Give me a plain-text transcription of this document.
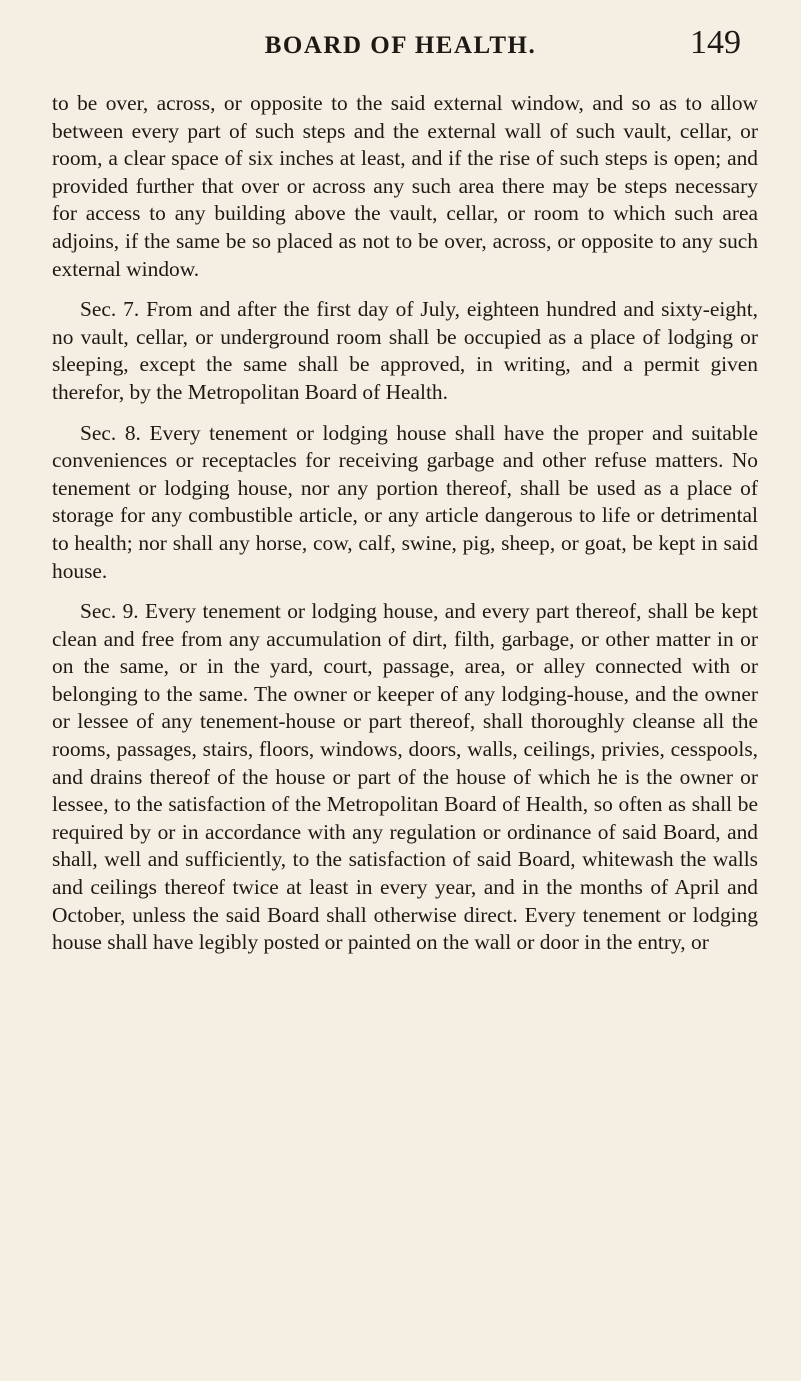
BOARD OF HEALTH.	149

to be over, across, or opposite to the said external window, and so as to allow between every part of such steps and the external wall of such vault, cellar, or room, a clear space of six inches at least, and if the rise of such steps is open; and provided further that over or across any such area there may be steps necessary for access to any building above the vault, cellar, or room to which such area adjoins, if the same be so placed as not to be over, across, or opposite to any such external window.

Sec. 7. From and after the first day of July, eighteen hundred and sixty-eight, no vault, cellar, or underground room shall be occupied as a place of lodging or sleeping, except the same shall be approved, in writing, and a permit given therefor, by the Metropolitan Board of Health.

Sec. 8. Every tenement or lodging house shall have the proper and suitable conveniences or receptacles for receiving garbage and other refuse matters. No tenement or lodging house, nor any portion thereof, shall be used as a place of storage for any combustible article, or any article dangerous to life or detrimental to health; nor shall any horse, cow, calf, swine, pig, sheep, or goat, be kept in said house.

Sec. 9. Every tenement or lodging house, and every part thereof, shall be kept clean and free from any accumulation of dirt, filth, garbage, or other matter in or on the same, or in the yard, court, passage, area, or alley connected with or belonging to the same. The owner or keeper of any lodging-house, and the owner or lessee of any tenement-house or part thereof, shall thoroughly cleanse all the rooms, passages, stairs, floors, windows, doors, walls, ceilings, privies, cesspools, and drains thereof of the house or part of the house of which he is the owner or lessee, to the satisfaction of the Metropolitan Board of Health, so often as shall be required by or in accordance with any regulation or ordinance of said Board, and shall, well and sufficiently, to the satisfaction of said Board, whitewash the walls and ceilings thereof twice at least in every year, and in the months of April and October, unless the said Board shall otherwise direct. Every tenement or lodging house shall have legibly posted or painted on the wall or door in the entry, or
